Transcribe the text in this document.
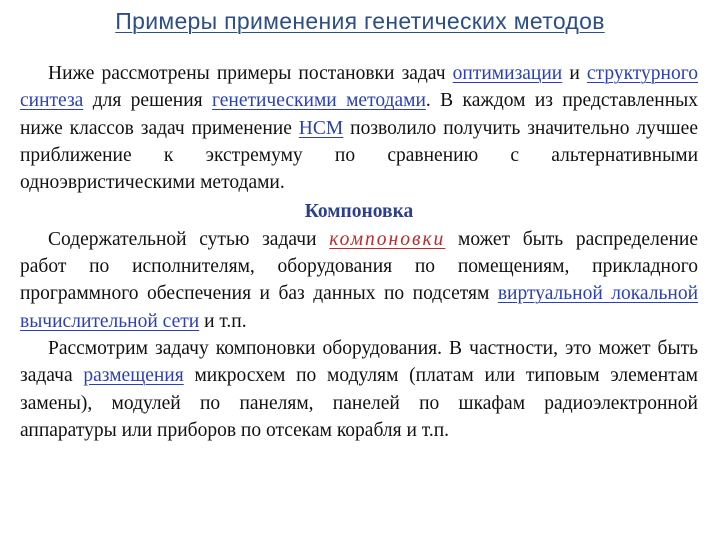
Примеры применения генетических методов

Ниже рассмотрены примеры постановки задач оптимизации и структурного синтеза для решения генетическими методами. В каждом из представленных ниже классов задач применение НСМ позволило получить значительно лучшее приближение к экстремуму по сравнению с альтернативными одноэвристическими методами.

Компоновка

Содержательной сутью задачи компоновки может быть распределение работ по исполнителям, оборудования по помещениям, прикладного программного обеспечения и баз данных по подсетям виртуальной локальной вычислительной сети и т.п.

Рассмотрим задачу компоновки оборудования. В частности, это может быть задача размещения микросхем по модулям (платам или типовым элементам замены), модулей по панелям, панелей по шкафам радиоэлектронной аппаратуры или приборов по отсекам корабля и т.п.
